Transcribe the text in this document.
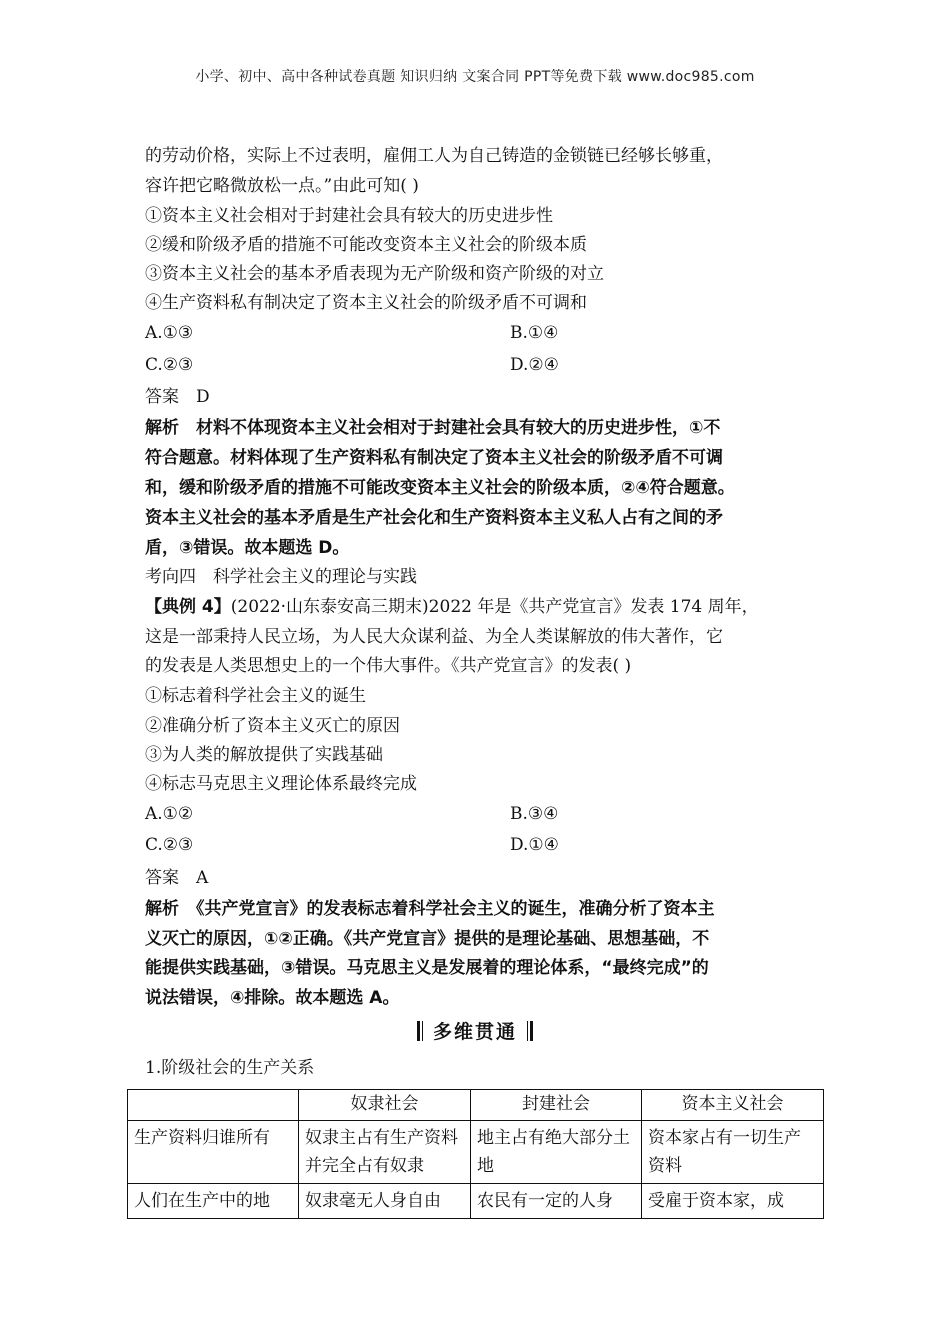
小学、初中、高中各种试卷真题 知识归纳 文案合同 PPT等免费下载 www.doc985.com
的劳动价格，实际上不过表明，雇佣工人为自己铸造的金锁链已经够长够重，
容许把它略微放松一点。”由此可知( )
①资本主义社会相对于封建社会具有较大的历史进步性
②缓和阶级矛盾的措施不可能改变资本主义社会的阶级本质
③资本主义社会的基本矛盾表现为无产阶级和资产阶级的对立
④生产资料私有制决定了资本主义社会的阶级矛盾不可调和
A.①③	B.①④
C.②③	D.②④
答案　D
解析　材料不体现资本主义社会相对于封建社会具有较大的历史进步性，①不
符合题意。材料体现了生产资料私有制决定了资本主义社会的阶级矛盾不可调
和，缓和阶级矛盾的措施不可能改变资本主义社会的阶级本质，②④符合题意。
资本主义社会的基本矛盾是生产社会化和生产资料资本主义私人占有之间的矛
盾，③错误。故本题选 D。
考向四　科学社会主义的理论与实践
【典例 4】(2022·山东泰安高三期末)2022 年是《共产党宣言》发表 174 周年，
这是一部秉持人民立场，为人民大众谋利益、为全人类谋解放的伟大著作，它
的发表是人类思想史上的一个伟大事件。《共产党宣言》的发表( )
①标志着科学社会主义的诞生
②准确分析了资本主义灭亡的原因
③为人类的解放提供了实践基础
④标志马克思主义理论体系最终完成
A.①②	B.③④
C.②③	D.①④
答案　A
解析　《共产党宣言》的发表标志着科学社会主义的诞生，准确分析了资本主
义灭亡的原因，①②正确。《共产党宣言》提供的是理论基础、思想基础，不
能提供实践基础，③错误。马克思主义是发展着的理论体系，“最终完成”的
说法错误，④排除。故本题选 A。
多维贯通
1.阶级社会的生产关系
	奴隶社会	封建社会	资本主义社会
生产资料归谁所有	奴隶主占有生产资料并完全占有奴隶	地主占有绝大部分土地	资本家占有一切生产资料
人们在生产中的地	奴隶毫无人身自由	农民有一定的人身	受雇于资本家，成
